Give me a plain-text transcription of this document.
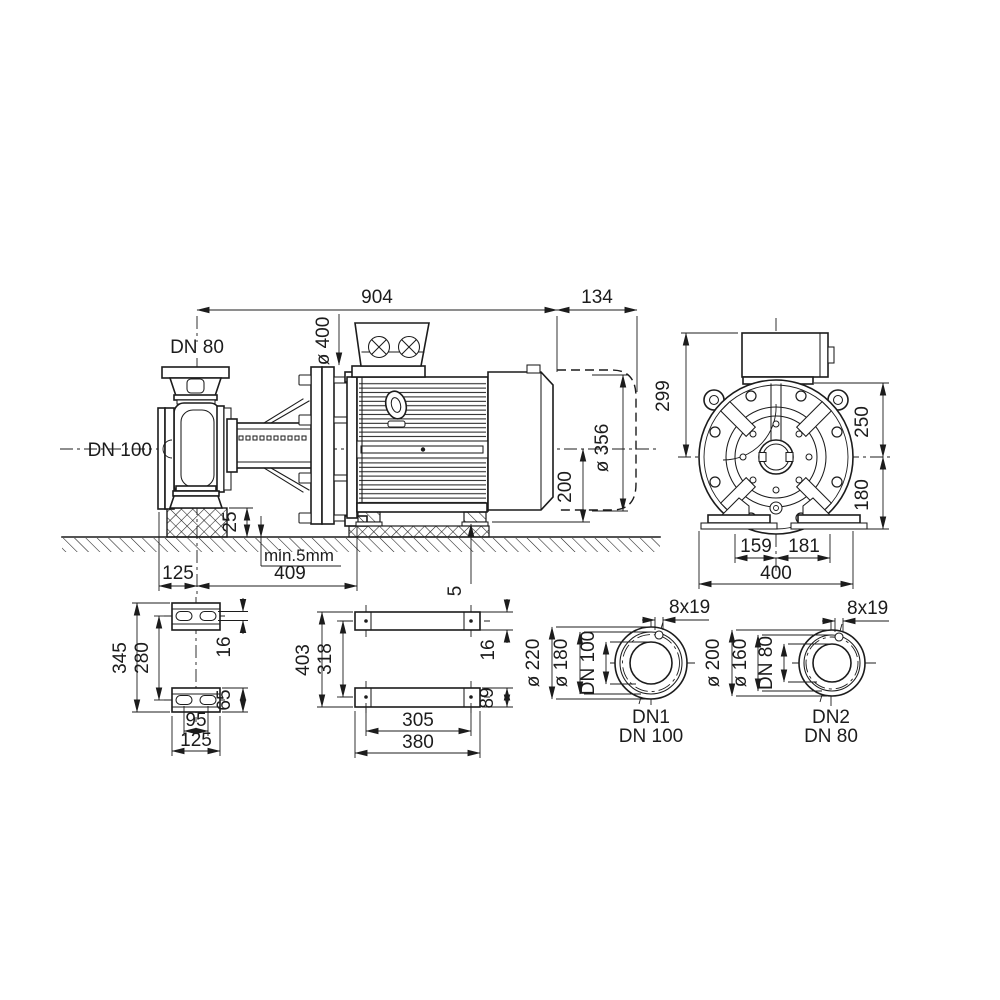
904	134
ø 400
DN 80
DN 100	ø 356
200
25
min.5mm
5
125	409
299
250
180
159 181
400
345 280	16
65
95
125
403 318	16
89
305
380
ø 220 ø 180 DN 100
8x19
DN1
DN 100
ø 200 ø 160 DN 80
8x19
DN2
DN 80
